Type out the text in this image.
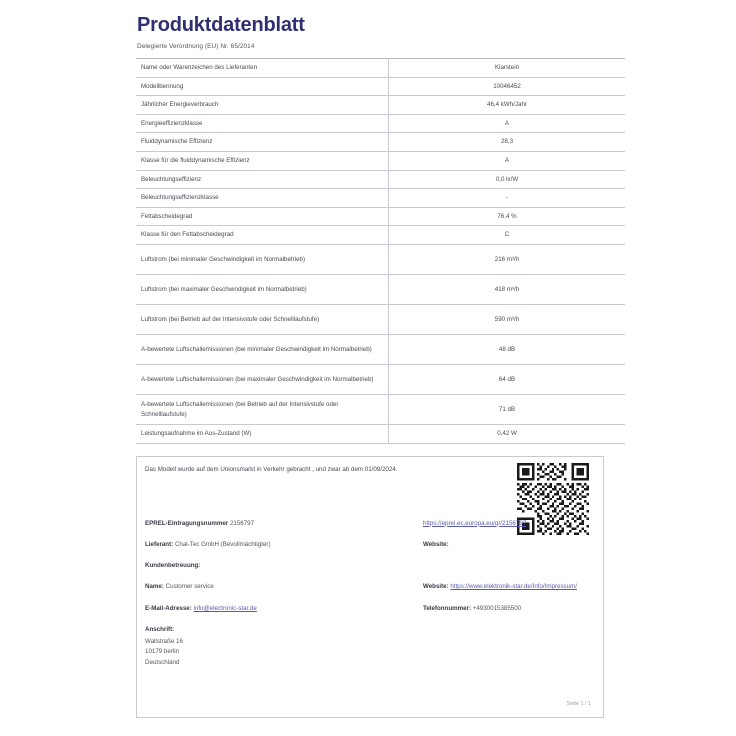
Produktdatenblatt
Delegierte Verordnung (EU) Nr. 65/2014
Name oder Warenzeichen des Lieferanten	Klarstein
Modellbennung	10046452
Jährlicher Energieverbrauch	46,4 kWh/Jahr
Energieeffizienzklasse	A
Fluiddynamische Effizienz	28,3
Klasse für die fluiddynamische Effizienz	A
Beleuchtungseffizienz	0,0 lx/W
Beleuchtungseffizienzklasse	-
Fettabscheidegrad	76,4 %
Klasse für den Fettabscheidegrad	C
Luftstrom (bei minimaler Geschwindigkeit im Normalbetrieb)	216 m³/h
Luftstrom (bei maximaler Geschwindigkeit im Normalbetrieb)	418 m³/h
Luftstrom (bei Betrieb auf der Intensivstufe oder Schnelllaufstufe)	590 m³/h
A-bewertete Luftschallemissionen (bei minimaler Geschwindigkeit im Normalbetrieb)	48 dB
A-bewertete Luftschallemissionen (bei maximaler Geschwindigkeit im Normalbetrieb)	64 dB
A-bewertete Luftschallemissionen (bei Betrieb auf der Intensivstufe oder Schnelllaufstufe)	71 dB
Leistungsaufnahme im Aus-Zustand (W)	0,42 W
Das Modell wurde auf dem Unionsmarkt in Verkehr gebracht , und zwar ab dem 01/09/2024.
EPREL-Eintragungsnummer 2156797	https://eprel.ec.europa.eu/qr/2156797
Lieferant: Chal-Tec GmbH (Bevollmächtigter)	Website:
Kundenbetreuung:
Name: Customer service	Website: https://www.elektronik-star.de/Info/Impressum/
E-Mail-Adresse: info@electronic-star.de	Telefonnummer: +4930015385500
Anschrift:
Wallstraße 16
10179 berlin
Deutschland
Seite 1 / 1
